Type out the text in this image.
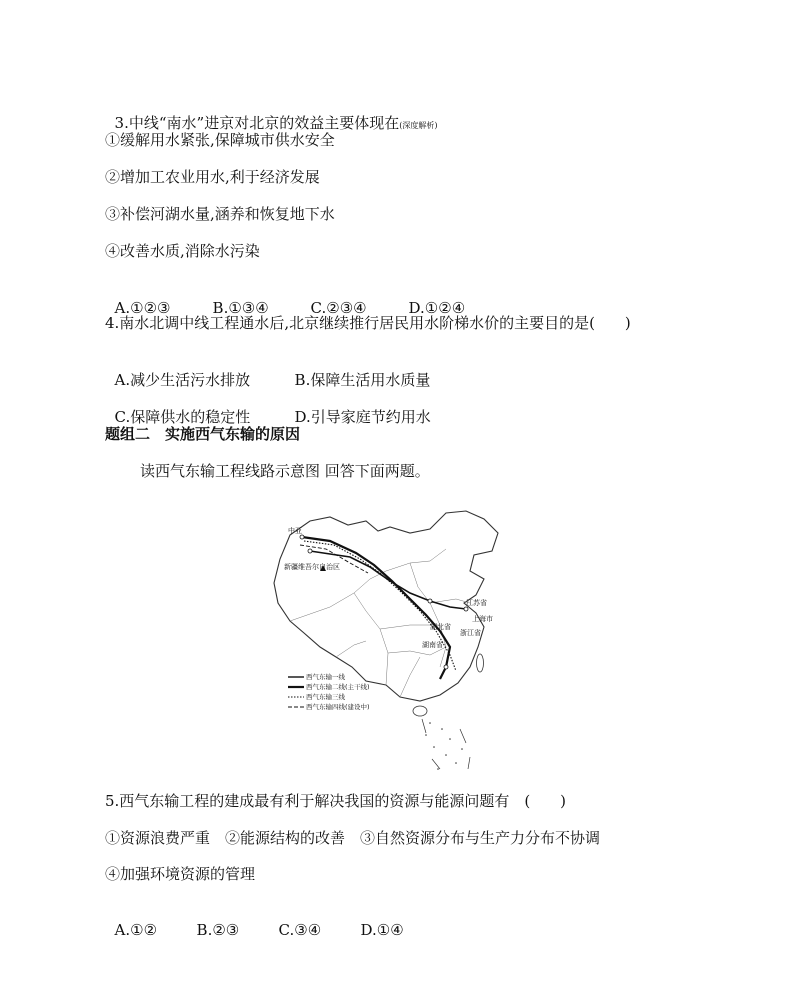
3.中线“南水”进京对北京的效益主要体现在(深度解析)

①缓解用水紧张,保障城市供水安全
②增加工农业用水,利于经济发展
③补偿河湖水量,涵养和恢复地下水
④改善水质,消除水污染

A.①②③	B.①③④	C.②③④	D.①②④

4.南水北调中线工程通水后,北京继续推行居民用水阶梯水价的主要目的是(　　)

A.减少生活污水排放	B.保障生活用水质量

C.保障供水的稳定性	D.引导家庭节约用水

题组二　实施西气东输的原因
读西气东输工程线路示意图 回答下面两题。
中亚
新疆维吾尔自治区
江苏省
上海市
浙江省
湖北省
湖南省
西气东输一线
西气东输二线(主干线)
西气东输三线
西气东输四线(建设中)
5.西气东输工程的建成最有利于解决我国的资源与能源问题有　(　　)
①资源浪费严重　②能源结构的改善　③自然资源分布与生产力分布不协调
④加强环境资源的管理

A.①②	B.②③	C.③④	D.①④
